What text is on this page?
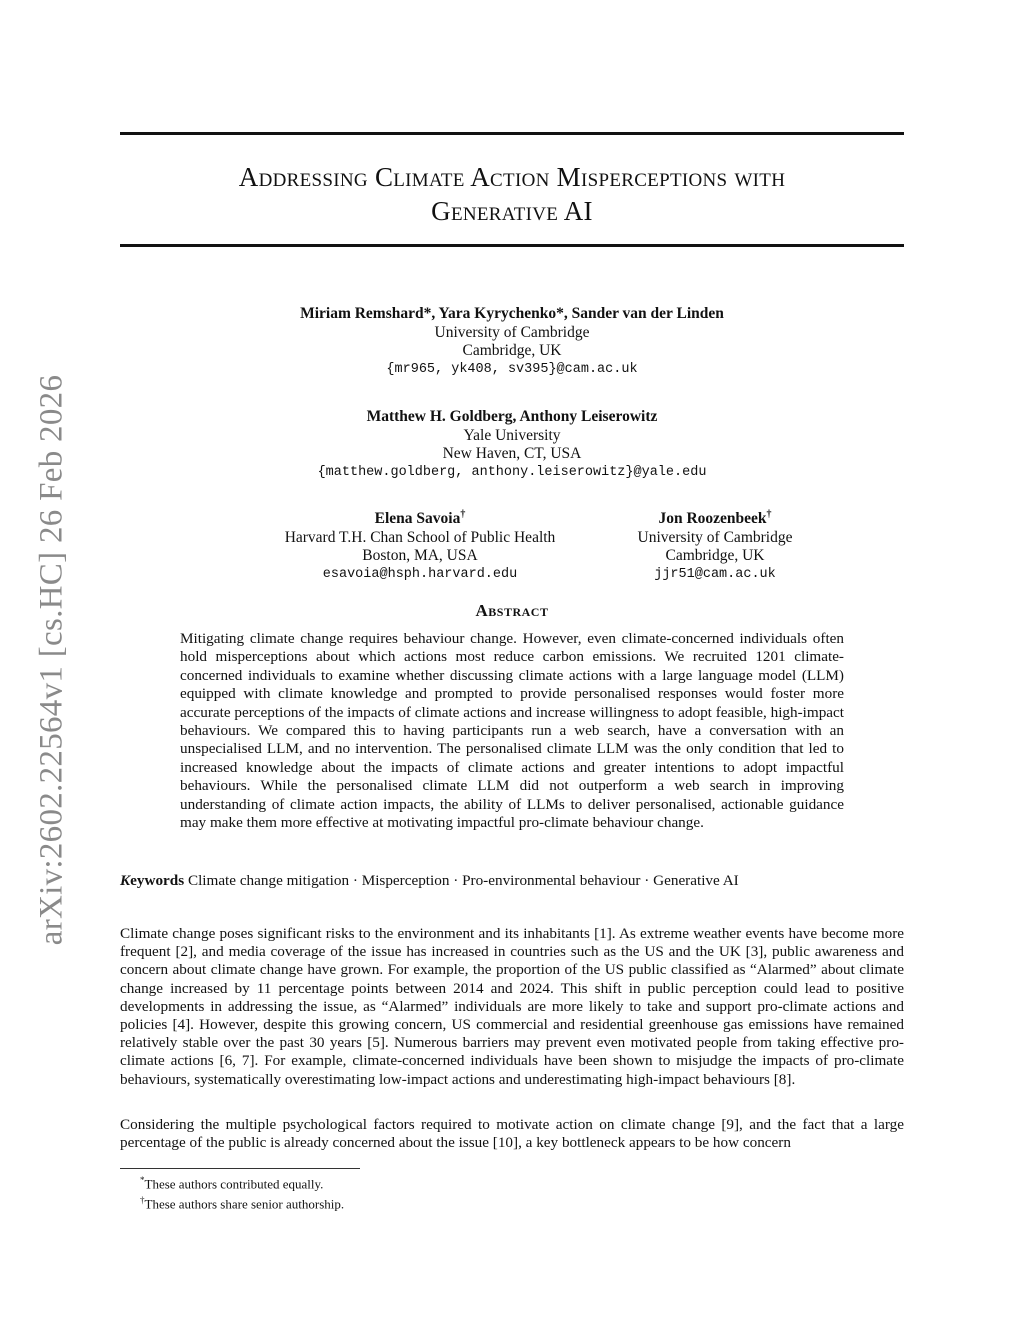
arXiv:2602.22564v1 [cs.HC] 26 Feb 2026
Addressing Climate Action Misperceptions with
Generative AI
Miriam Remshard*, Yara Kyrychenko*, Sander van der Linden
University of Cambridge
Cambridge, UK
{mr965, yk408, sv395}@cam.ac.uk
Matthew H. Goldberg, Anthony Leiserowitz
Yale University
New Haven, CT, USA
{matthew.goldberg, anthony.leiserowitz}@yale.edu
Elena Savoia†
Harvard T.H. Chan School of Public Health
Boston, MA, USA
esavoia@hsph.harvard.edu
Jon Roozenbeek†
University of Cambridge
Cambridge, UK
jjr51@cam.ac.uk
Abstract
Mitigating climate change requires behaviour change. However, even climate-concerned individuals often hold misperceptions about which actions most reduce carbon emissions. We recruited 1201 climate-concerned individuals to examine whether discussing climate actions with a large language model (LLM) equipped with climate knowledge and prompted to provide personalised responses would foster more accurate perceptions of the impacts of climate actions and increase willingness to adopt feasible, high-impact behaviours. We compared this to having participants run a web search, have a conversation with an unspecialised LLM, and no intervention. The personalised climate LLM was the only condition that led to increased knowledge about the impacts of climate actions and greater intentions to adopt impactful behaviours. While the personalised climate LLM did not outperform a web search in improving understanding of climate action impacts, the ability of LLMs to deliver personalised, actionable guidance may make them more effective at motivating impactful pro-climate behaviour change.
Keywords Climate change mitigation · Misperception · Pro-environmental behaviour · Generative AI
Climate change poses significant risks to the environment and its inhabitants [1]. As extreme weather events have become more frequent [2], and media coverage of the issue has increased in countries such as the US and the UK [3], public awareness and concern about climate change have grown. For example, the proportion of the US public classified as “Alarmed” about climate change increased by 11 percentage points between 2014 and 2024. This shift in public perception could lead to positive developments in addressing the issue, as “Alarmed” individuals are more likely to take and support pro-climate actions and policies [4]. However, despite this growing concern, US commercial and residential greenhouse gas emissions have remained relatively stable over the past 30 years [5]. Numerous barriers may prevent even motivated people from taking effective pro-climate actions [6, 7]. For example, climate-concerned individuals have been shown to misjudge the impacts of pro-climate behaviours, systematically overestimating low-impact actions and underestimating high-impact behaviours [8].
Considering the multiple psychological factors required to motivate action on climate change [9], and the fact that a large percentage of the public is already concerned about the issue [10], a key bottleneck appears to be how concern
*These authors contributed equally.
†These authors share senior authorship.
